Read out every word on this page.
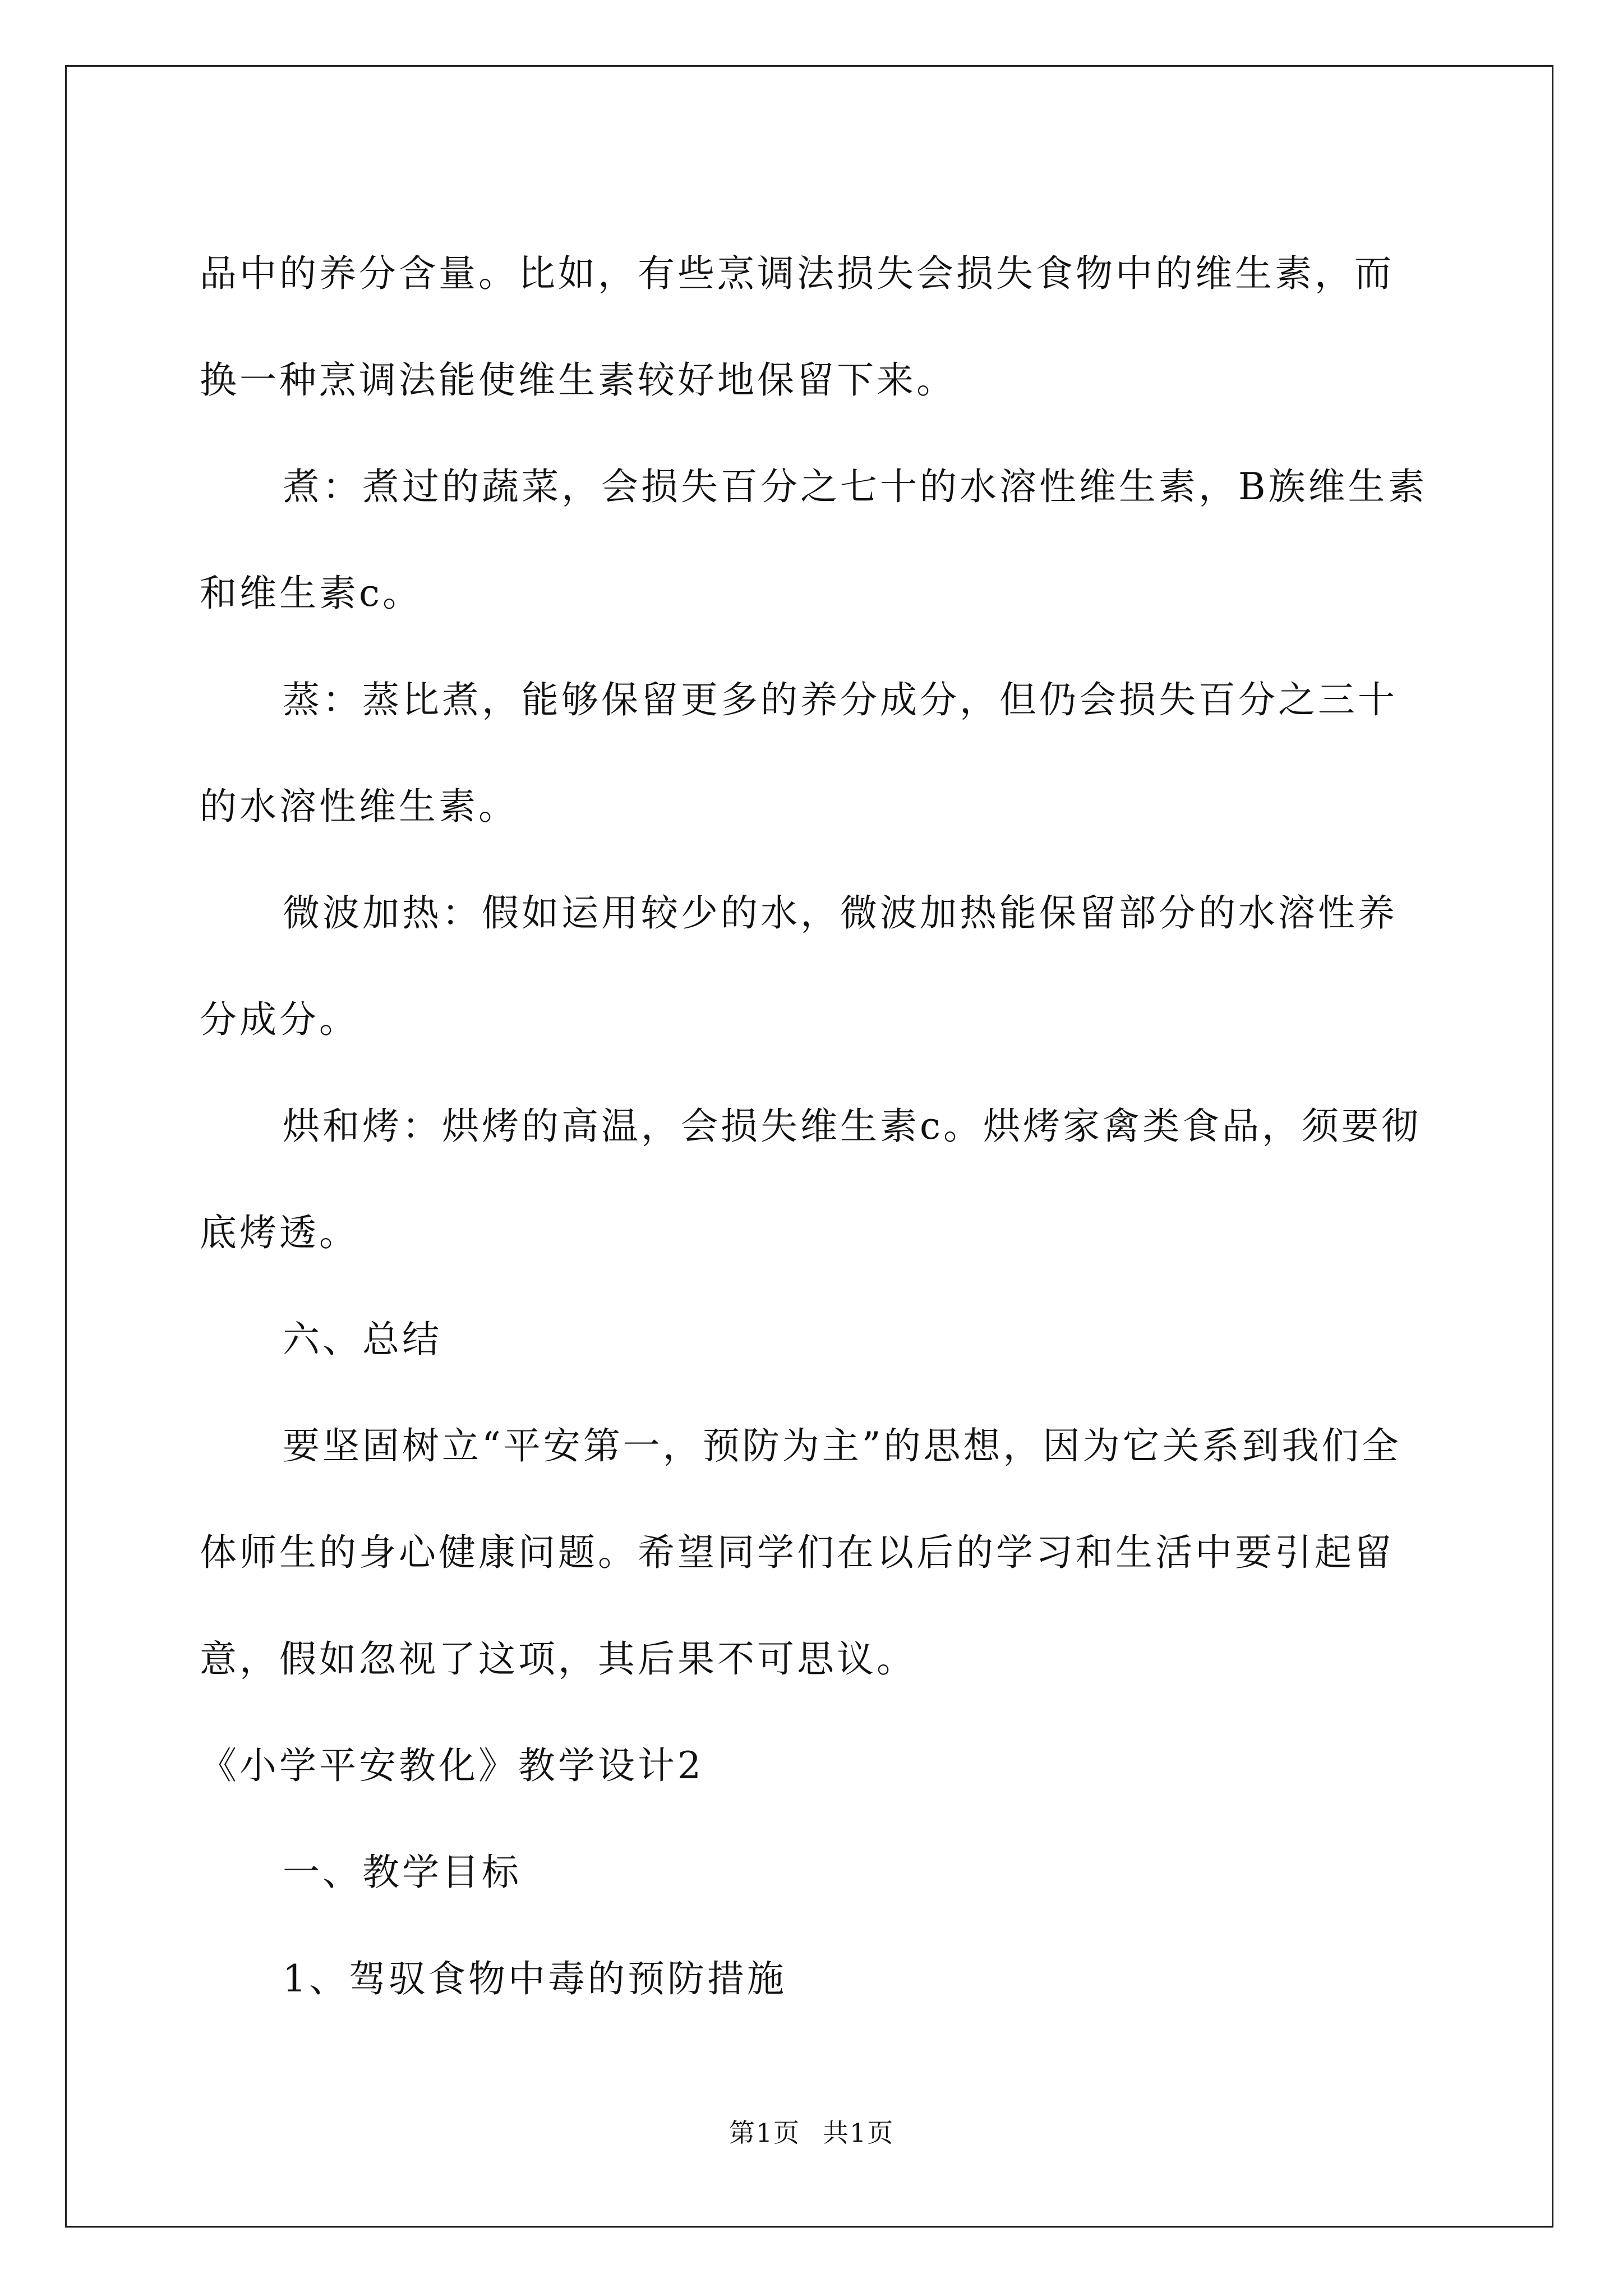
品中的养分含量。比如，有些烹调法损失会损失食物中的维生素，而换一种烹调法能使维生素较好地保留下来。

煮：煮过的蔬菜，会损失百分之七十的水溶性维生素，B族维生素和维生素c。

蒸：蒸比煮，能够保留更多的养分成分，但仍会损失百分之三十的水溶性维生素。

微波加热：假如运用较少的水，微波加热能保留部分的水溶性养分成分。

烘和烤：烘烤的高温，会损失维生素c。烘烤家禽类食品，须要彻底烤透。

六、总结

要坚固树立“平安第一，预防为主”的思想，因为它关系到我们全体师生的身心健康问题。希望同学们在以后的学习和生活中要引起留意，假如忽视了这项，其后果不可思议。

《小学平安教化》教学设计2

一、教学目标

1、驾驭食物中毒的预防措施

第1页 共1页
